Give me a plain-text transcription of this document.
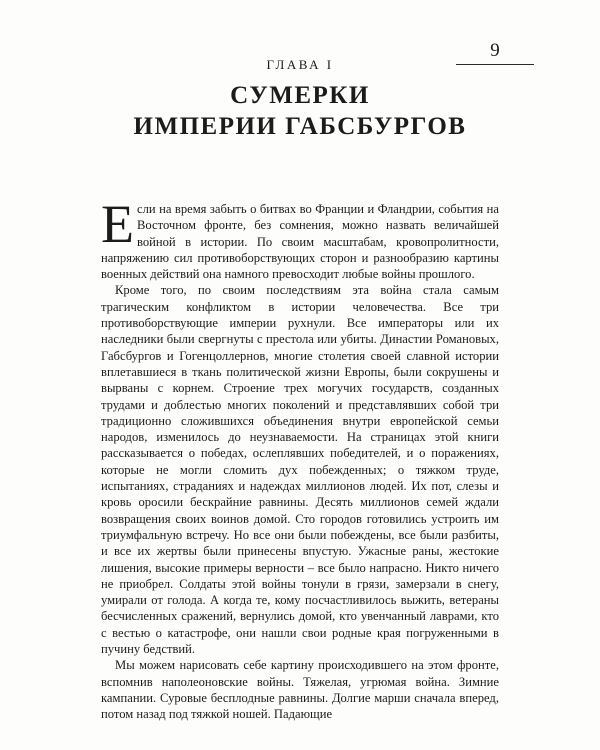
9
ГЛАВА I
СУМЕРКИ
ИМПЕРИИ ГАБСБУРГОВ

Если на время забыть о битвах во Франции и Фландрии, события на Восточном фронте, без сомнения, можно назвать величайшей войной в истории. По своим масштабам, кровопролитности, напряжению сил противоборствующих сторон и разнообразию картины военных действий она намного превосходит любые войны прошлого.

Кроме того, по своим последствиям эта война стала самым трагическим конфликтом в истории человечества. Все три противоборствующие империи рухнули. Все императоры или их наследники были свергнуты с престола или убиты. Династии Романовых, Габсбургов и Гогенцоллернов, многие столетия своей славной истории вплетавшиеся в ткань политической жизни Европы, были сокрушены и вырваны с корнем. Строение трех могучих государств, созданных трудами и доблестью многих поколений и представлявших собой три традиционно сложившихся объединения внутри европейской семьи народов, изменилось до неузнаваемости. На страницах этой книги рассказывается о победах, ослеплявших победителей, и о поражениях, которые не могли сломить дух побежденных; о тяжком труде, испытаниях, страданиях и надеждах миллионов людей. Их пот, слезы и кровь оросили бескрайние равнины. Десять миллионов семей ждали возвращения своих воинов домой. Сто городов готовились устроить им триумфальную встречу. Но все они были побеждены, все были разбиты, и все их жертвы были принесены впустую. Ужасные раны, жестокие лишения, высокие примеры верности – все было напрасно. Никто ничего не приобрел. Солдаты этой войны тонули в грязи, замерзали в снегу, умирали от голода. А когда те, кому посчастливилось выжить, ветераны бесчисленных сражений, вернулись домой, кто увенчанный лаврами, кто с вестью о катастрофе, они нашли свои родные края погруженными в пучину бедствий.

Мы можем нарисовать себе картину происходившего на этом фронте, вспомнив наполеоновские войны. Тяжелая, угрюмая война. Зимние кампании. Суровые бесплодные равнины. Долгие марши сначала вперед, потом назад под тяжкой ношей. Падающие
